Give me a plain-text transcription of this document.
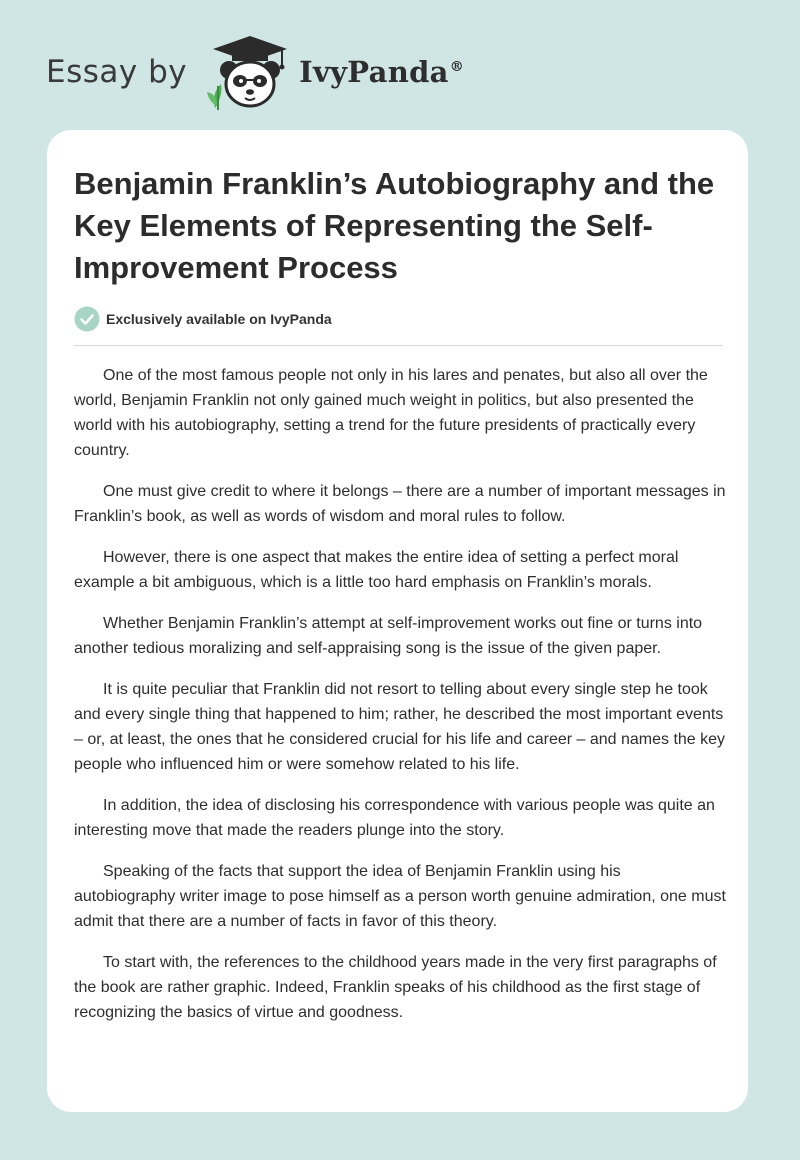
Essay by	IvyPanda®
Benjamin Franklin’s Autobiography and the Key Elements of Representing the Self-Improvement Process
Exclusively available on IvyPanda

One of the most famous people not only in his lares and penates, but also all over the world, Benjamin Franklin not only gained much weight in politics, but also presented the world with his autobiography, setting a trend for the future presidents of practically every country.

One must give credit to where it belongs – there are a number of important messages in Franklin’s book, as well as words of wisdom and moral rules to follow.

However, there is one aspect that makes the entire idea of setting a perfect moral example a bit ambiguous, which is a little too hard emphasis on Franklin’s morals.

Whether Benjamin Franklin’s attempt at self-improvement works out fine or turns into another tedious moralizing and self-appraising song is the issue of the given paper.

It is quite peculiar that Franklin did not resort to telling about every single step he took and every single thing that happened to him; rather, he described the most important events – or, at least, the ones that he considered crucial for his life and career – and names the key people who influenced him or were somehow related to his life.

In addition, the idea of disclosing his correspondence with various people was quite an interesting move that made the readers plunge into the story.

Speaking of the facts that support the idea of Benjamin Franklin using his autobiography writer image to pose himself as a person worth genuine admiration, one must admit that there are a number of facts in favor of this theory.

To start with, the references to the childhood years made in the very first paragraphs of the book are rather graphic. Indeed, Franklin speaks of his childhood as the first stage of recognizing the basics of virtue and goodness.
